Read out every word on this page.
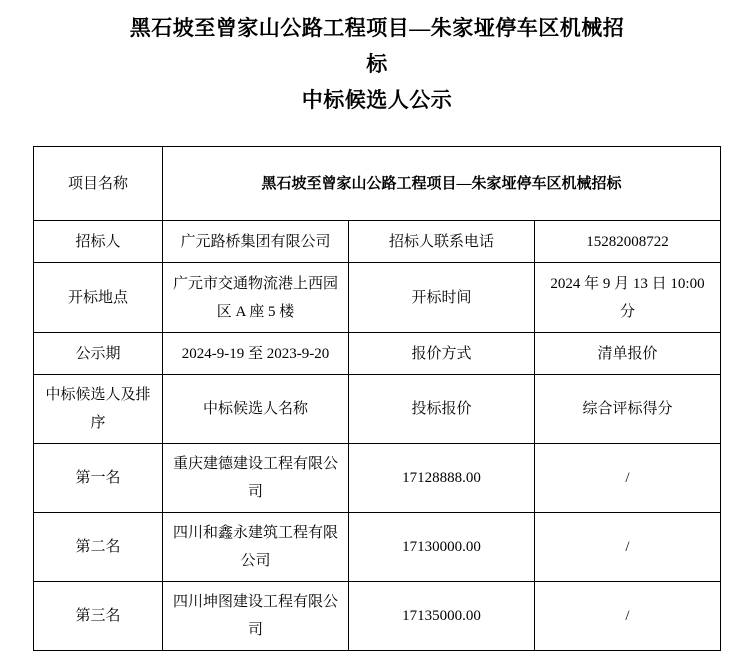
黑石坡至曾家山公路工程项目—朱家垭停车区机械招
标
中标候选人公示
项目名称	黑石坡至曾家山公路工程项目—朱家垭停车区机械招标		
招标人	广元路桥集团有限公司	招标人联系电话	15282008722
开标地点	广元市交通物流港上西园区 A 座 5 楼	开标时间	2024 年 9 月 13 日 10:00 分
公示期	2024-9-19 至 2023-9-20	报价方式	清单报价
中标候选人及排序	中标候选人名称	投标报价	综合评标得分
第一名	重庆建德建设工程有限公司	17128888.00	/
第二名	四川和鑫永建筑工程有限公司	17130000.00	/
第三名	四川坤图建设工程有限公司	17135000.00	/
